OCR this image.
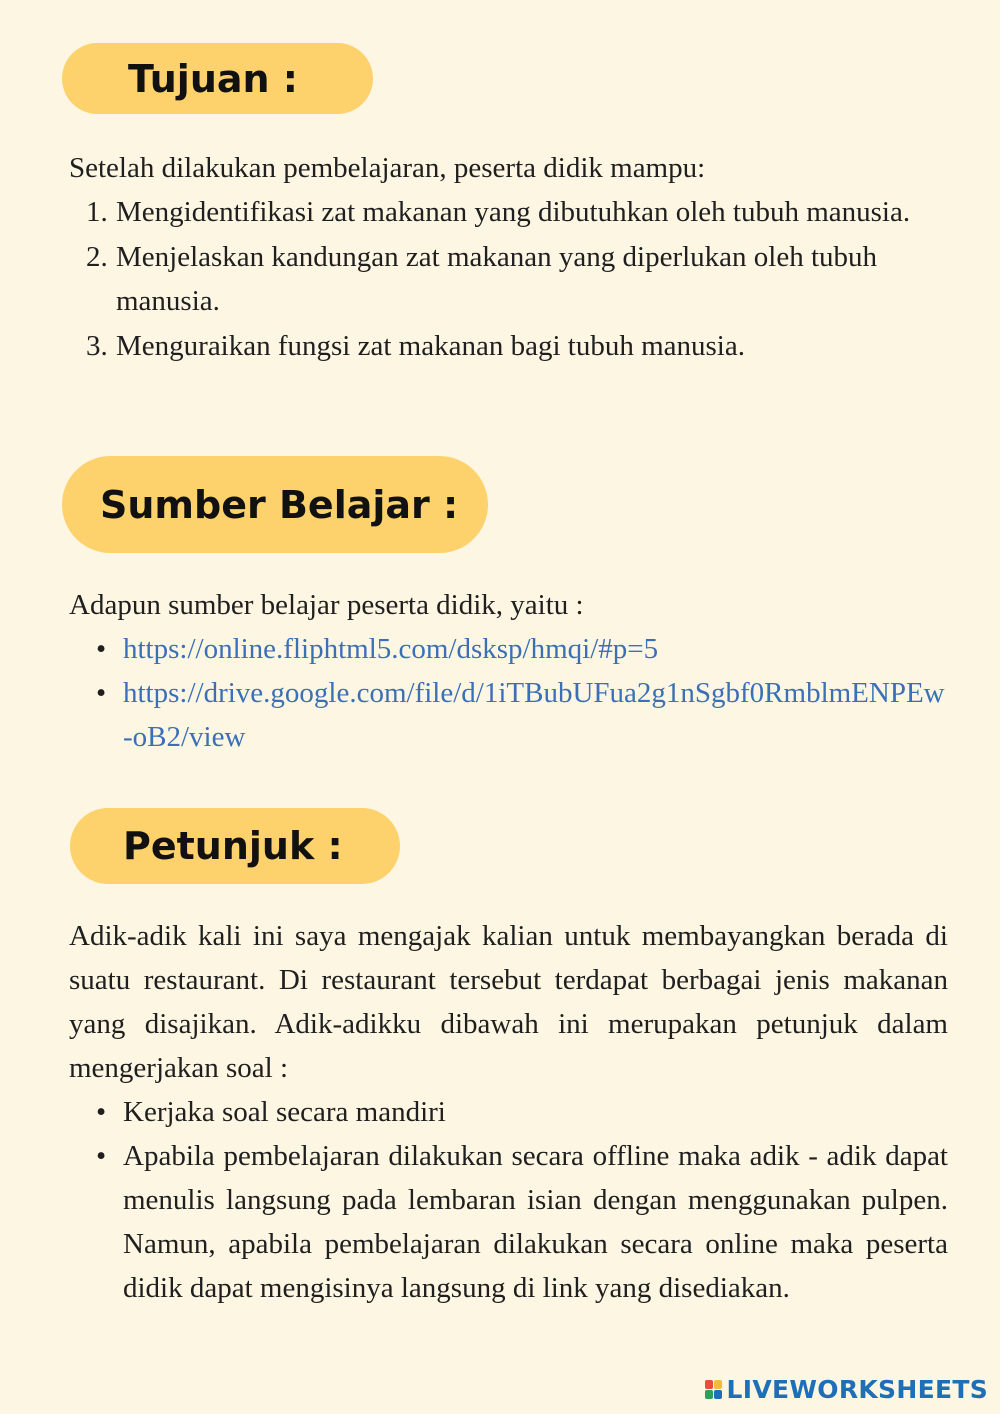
Tujuan :
Setelah dilakukan pembelajaran, peserta didik mampu:
1. Mengidentifikasi zat makanan yang dibutuhkan oleh tubuh manusia.
2. Menjelaskan kandungan zat makanan yang diperlukan oleh tubuh manusia.
3. Menguraikan fungsi zat makanan bagi tubuh manusia.
Sumber Belajar :
Adapun sumber belajar peserta didik, yaitu :
• https://online.fliphtml5.com/dsksp/hmqi/#p=5
• https://drive.google.com/file/d/1iTBubUFua2g1nSgbf0RmblmENPEw-oB2/view
Petunjuk :
Adik-adik kali ini saya mengajak kalian untuk membayangkan berada di suatu restaurant. Di restaurant tersebut terdapat berbagai jenis makanan yang disajikan. Adik-adikku dibawah ini merupakan petunjuk dalam mengerjakan soal :
• Kerjaka soal secara mandiri
• Apabila pembelajaran dilakukan secara offline maka adik - adik dapat menulis langsung pada lembaran isian dengan menggunakan pulpen. Namun, apabila pembelajaran dilakukan secara online maka peserta didik dapat mengisinya langsung di link yang disediakan.
LIVEWORKSHEETS
